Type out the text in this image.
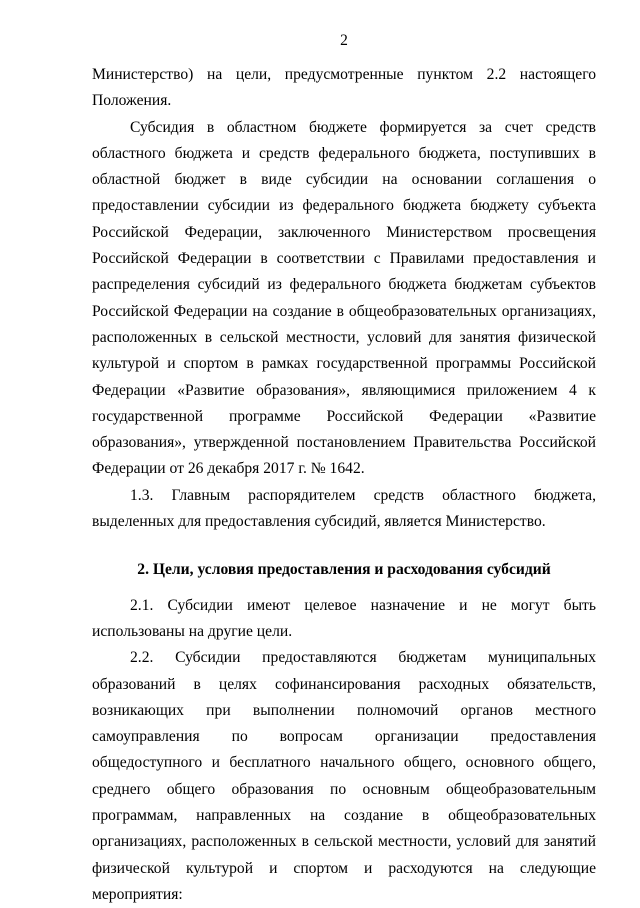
2

Министерство) на цели, предусмотренные пунктом 2.2 настоящего Положения.

Субсидия в областном бюджете формируется за счет средств областного бюджета и средств федерального бюджета, поступивших в областной бюджет в виде субсидии на основании соглашения о предоставлении субсидии из федерального бюджета бюджету субъекта Российской Федерации, заключенного Министерством просвещения Российской Федерации в соответствии с Правилами предоставления и распределения субсидий из федерального бюджета бюджетам субъектов Российской Федерации на создание в общеобразовательных организациях, расположенных в сельской местности, условий для занятия физической культурой и спортом в рамках государственной программы Российской Федерации «Развитие образования», являющимися приложением 4 к государственной программе Российской Федерации «Развитие образования», утвержденной постановлением Правительства Российской Федерации от 26 декабря 2017 г. № 1642.

1.3. Главным распорядителем средств областного бюджета, выделенных для предоставления субсидий, является Министерство.

2. Цели, условия предоставления и расходования субсидий

2.1. Субсидии имеют целевое назначение и не могут быть использованы на другие цели.

2.2. Субсидии предоставляются бюджетам муниципальных образований в целях софинансирования расходных обязательств, возникающих при выполнении полномочий органов местного самоуправления по вопросам организации предоставления общедоступного и бесплатного начального общего, основного общего, среднего общего образования по основным общеобразовательным программам, направленных на создание в общеобразовательных организациях, расположенных в сельской местности, условий для занятий физической культурой и спортом и расходуются на следующие мероприятия:
